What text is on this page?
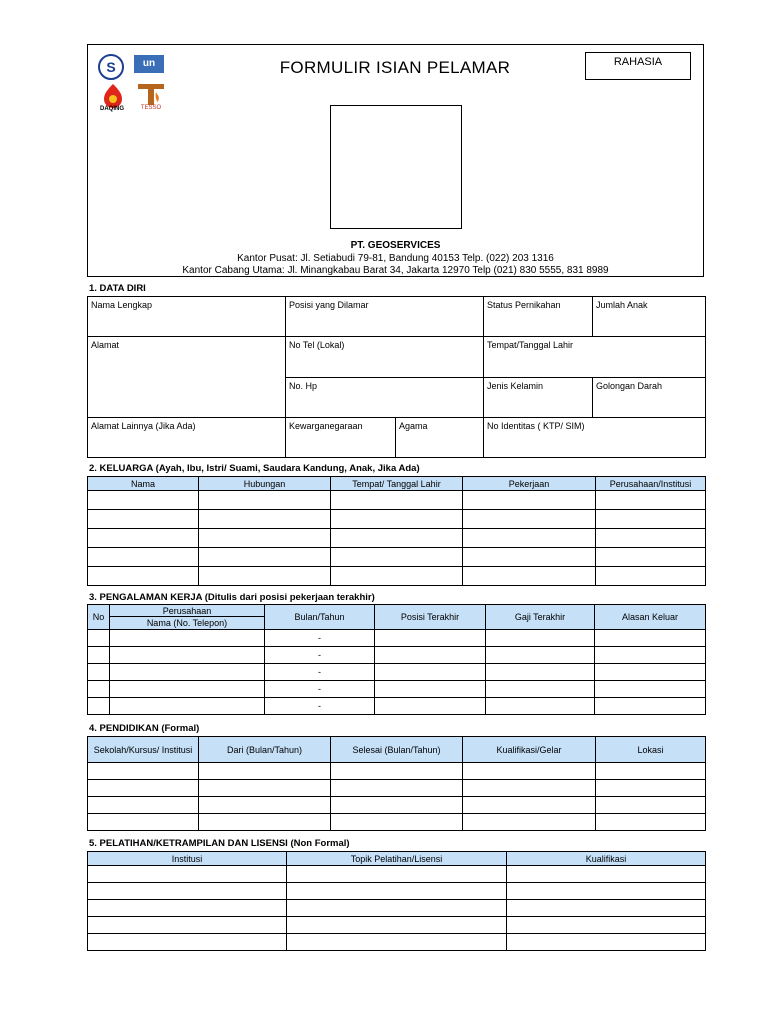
S	un
DAQING	TESSO
FORMULIR ISIAN PELAMAR	RAHASIA
PT. GEOSERVICES
Kantor Pusat: Jl. Setiabudi 79-81, Bandung 40153 Telp. (022) 203 1316
Kantor Cabang Utama: Jl. Minangkabau Barat 34, Jakarta 12970 Telp (021) 830 5555, 831 8989
1. DATA DIRI
Nama Lengkap	Posisi yang Dilamar		Status Pernikahan	Jumlah Anak
Alamat	No Tel (Lokal)		Tempat/Tanggal Lahir	
	No. Hp		Jenis Kelamin	Golongan Darah
Alamat Lainnya (Jika Ada)	Kewarganegaraan	Agama	No Identitas ( KTP/ SIM)	
2. KELUARGA (Ayah, Ibu, Istri/ Suami, Saudara Kandung, Anak, Jika Ada)
Nama	Hubungan	Tempat/ Tanggal Lahir	Pekerjaan	Perusahaan/Institusi

3. PENGALAMAN KERJA (Ditulis dari posisi pekerjaan terakhir)
No	Perusahaan	Bulan/Tahun	Posisi Terakhir	Gaji Terakhir	Alasan Keluar
	Nama (No. Telepon)				
		-			
		-			
		-			
		-			
		-			
4. PENDIDIKAN (Formal)
Sekolah/Kursus/ Institusi	Dari (Bulan/Tahun)	Selesai (Bulan/Tahun)	Kualifikasi/Gelar	Lokasi

5. PELATIHAN/KETRAMPILAN DAN LISENSI (Non Formal)
Institusi	Topik Pelatihan/Lisensi	Kualifikasi
